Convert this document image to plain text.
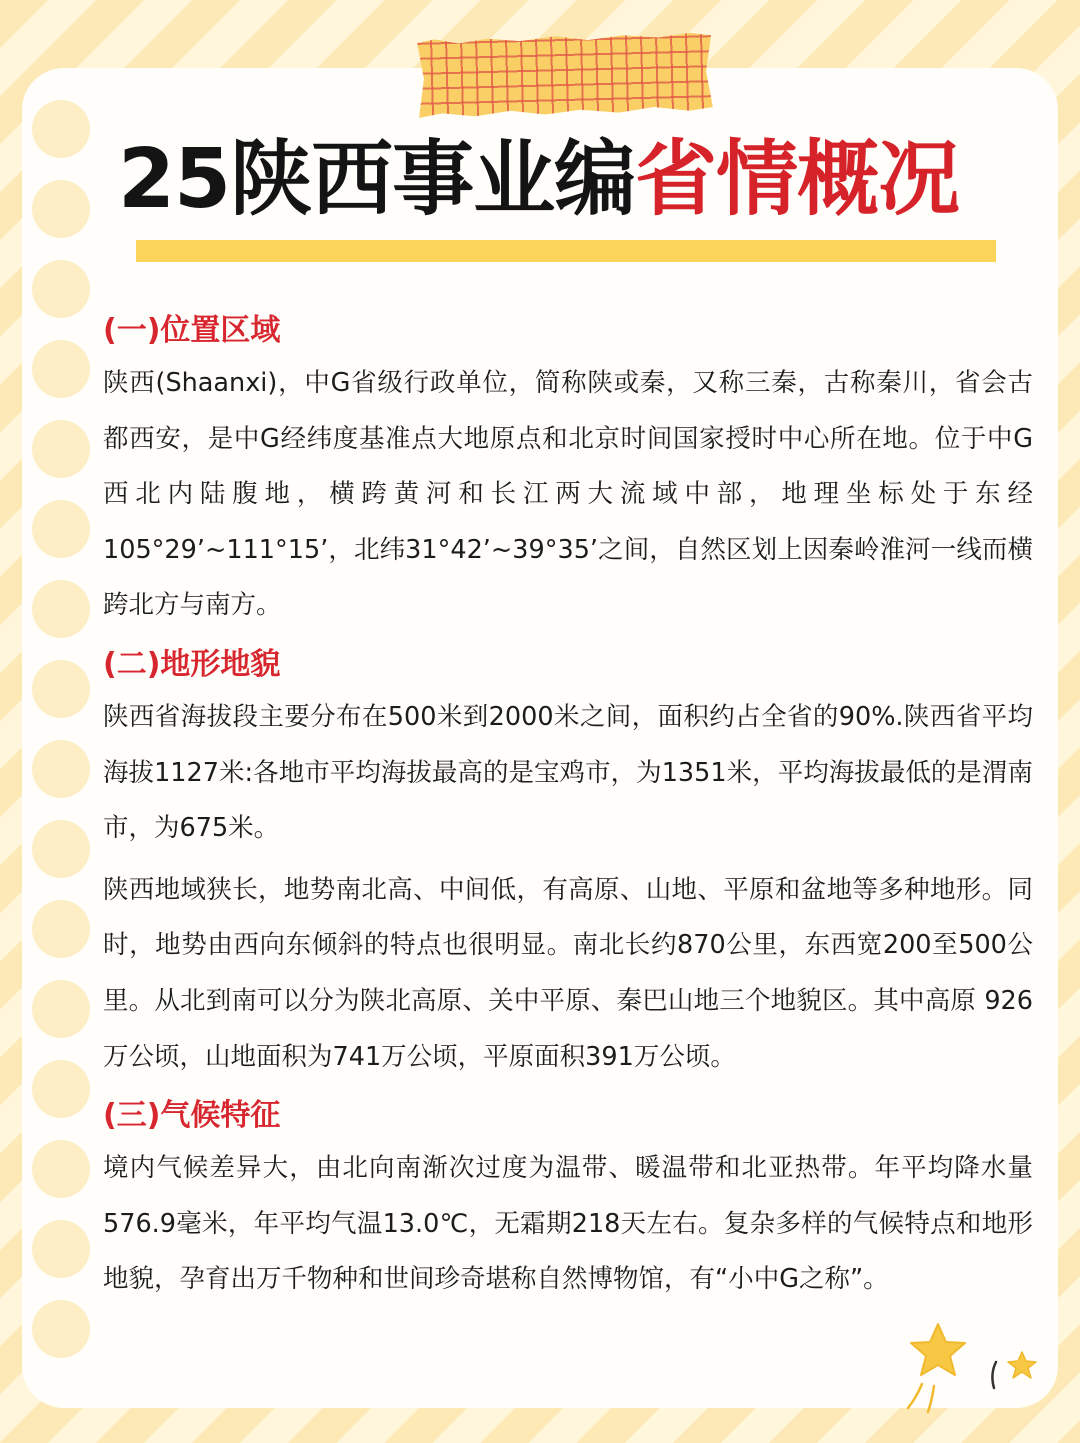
25陕西事业编省情概况
(一)位置区域

陕西(Shaanxi)，中G省级行政单位，简称陕或秦，又称三秦，古称秦川，省会古都西安，是中G经纬度基准点大地原点和北京时间国家授时中心所在地。位于中G西北内陆腹地，横跨黄河和长江两大流域中部，地理坐标处于东经105°29’~111°15’，北纬31°42’~39°35’之间，自然区划上因秦岭淮河一线而横跨北方与南方。

(二)地形地貌

陕西省海拔段主要分布在500米到2000米之间，面积约占全省的90%.陕西省平均海拔1127米:各地市平均海拔最高的是宝鸡市，为1351米，平均海拔最低的是渭南市，为675米。

陕西地域狭长，地势南北高、中间低，有高原、山地、平原和盆地等多种地形。同时，地势由西向东倾斜的特点也很明显。南北长约870公里，东西宽200至500公里。从北到南可以分为陕北高原、关中平原、秦巴山地三个地貌区。其中高原 926万公顷，山地面积为741万公顷，平原面积391万公顷。

(三)气候特征

境内气候差异大，由北向南渐次过度为温带、暖温带和北亚热带。年平均降水量576.9毫米，年平均气温13.0℃，无霜期218天左右。复杂多样的气候特点和地形地貌，孕育出万千物种和世间珍奇堪称自然博物馆，有“小中G之称”。
